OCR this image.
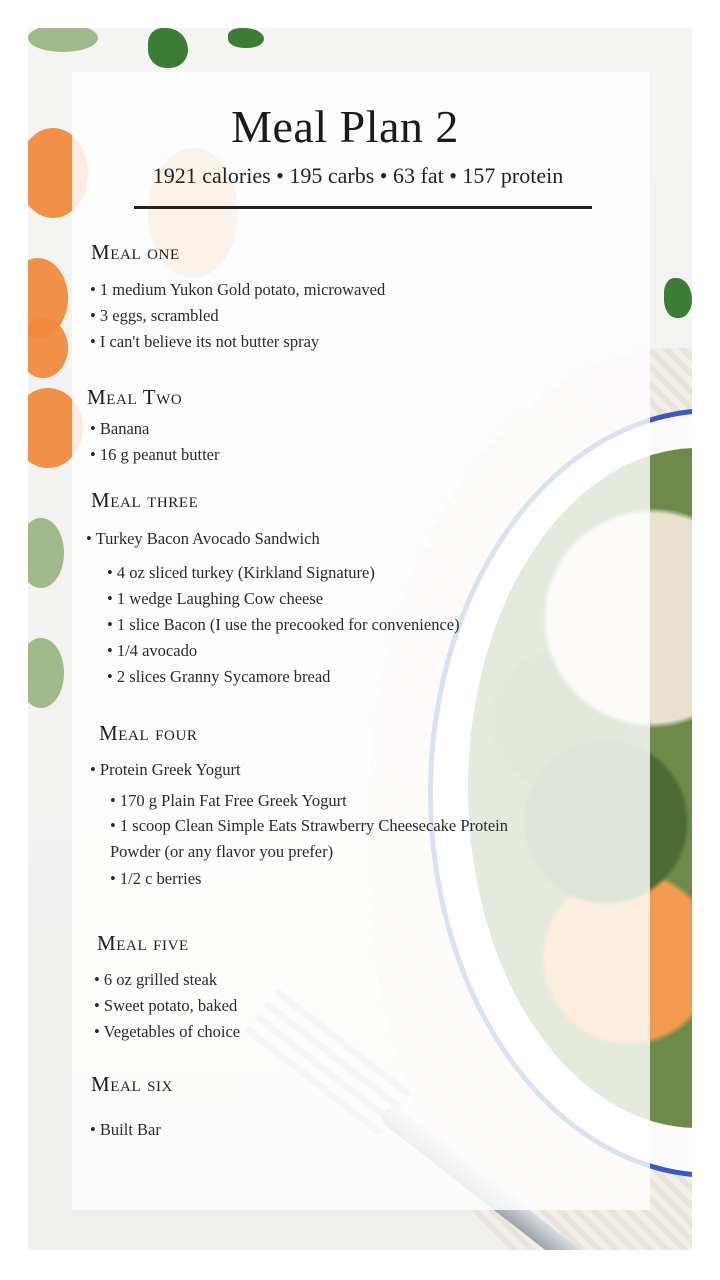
Meal Plan 2
1921 calories • 195 carbs • 63 fat • 157 protein
Meal one
• 1 medium Yukon Gold potato, microwaved
• 3 eggs, scrambled
• I can't believe its not butter spray
Meal Two
• Banana
• 16 g peanut butter
Meal three
• Turkey Bacon Avocado Sandwich
• 4 oz sliced turkey (Kirkland Signature)
• 1 wedge Laughing Cow cheese
• 1 slice Bacon (I use the precooked for convenience)
• 1/4 avocado
• 2 slices Granny Sycamore bread
Meal four
• Protein Greek Yogurt
• 170 g Plain Fat Free Greek Yogurt
• 1 scoop Clean Simple Eats Strawberry Cheesecake Protein Powder (or any flavor you prefer)
• 1/2 c berries
Meal five
• 6 oz grilled steak
• Sweet potato, baked
• Vegetables of choice
Meal six
• Built Bar
